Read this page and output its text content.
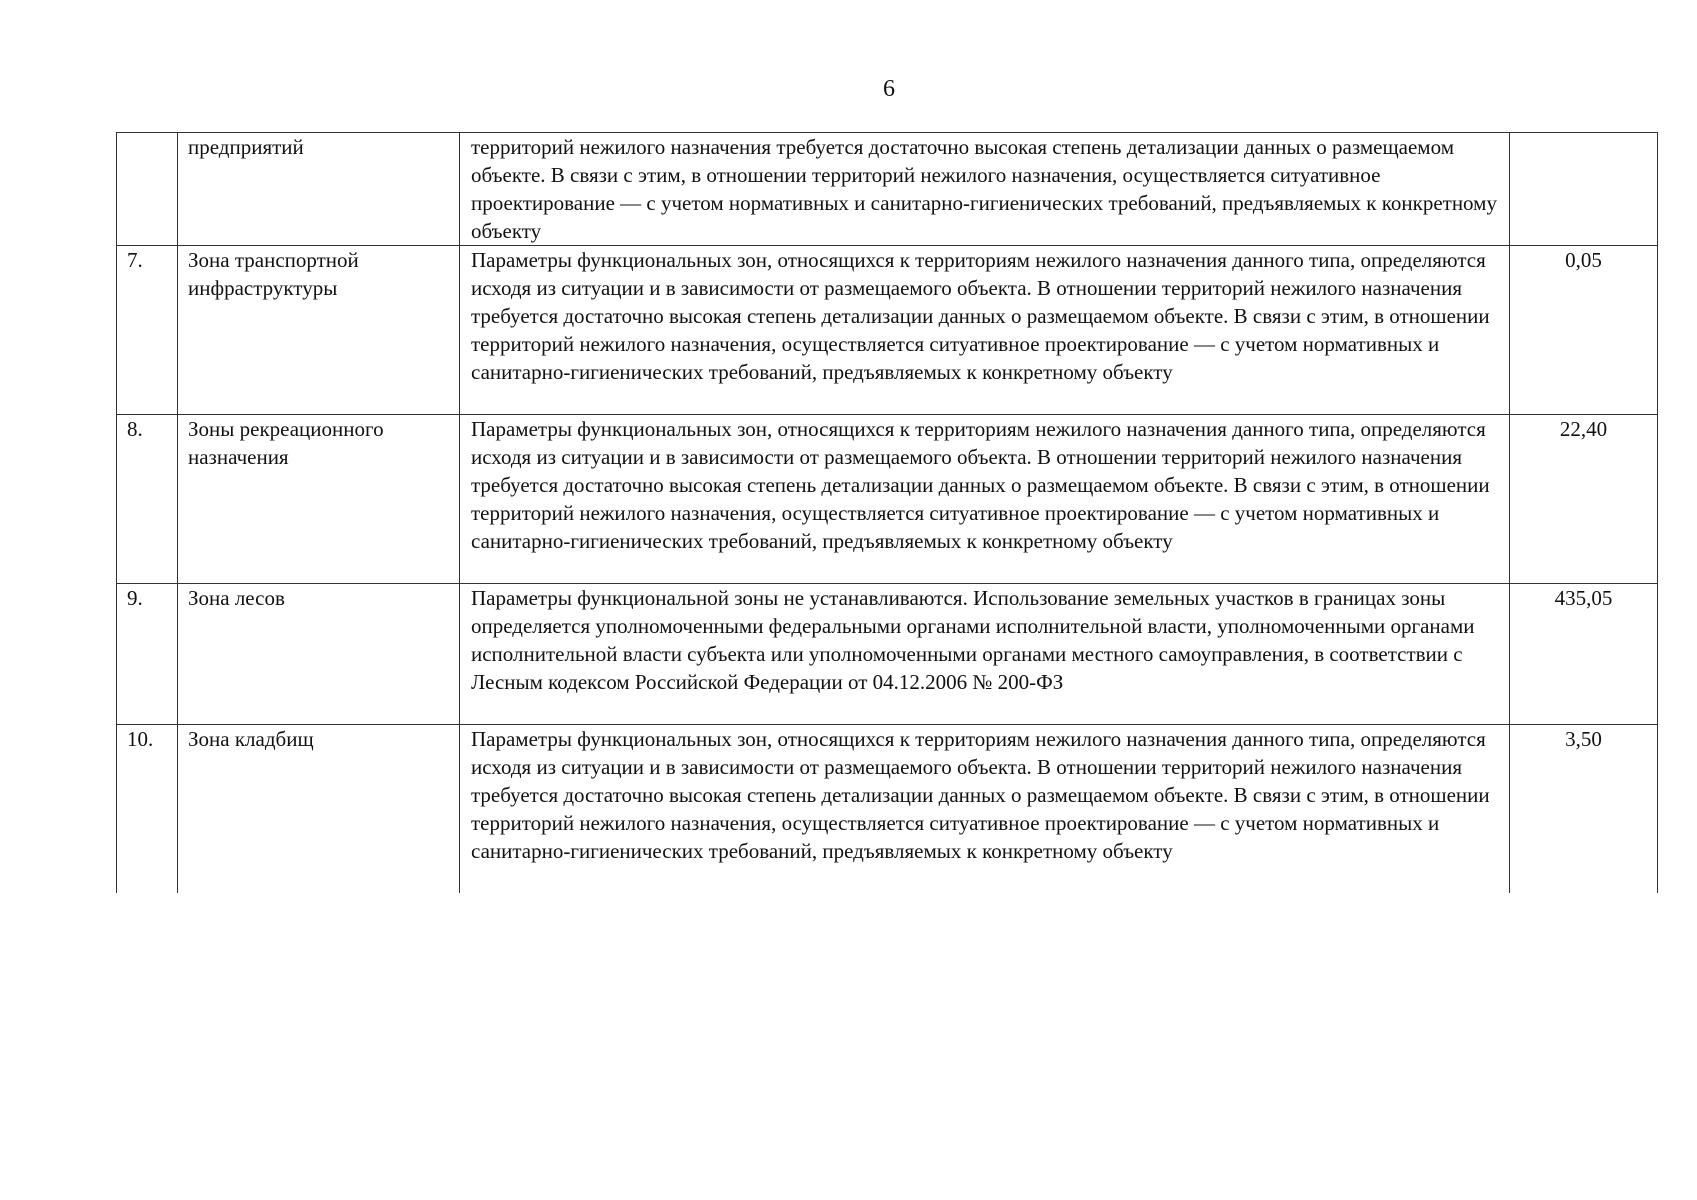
6
	предприятий	территорий нежилого назначения требуется достаточно высокая степень детализации данных о размещаемом объекте. В связи с этим, в отношении территорий нежилого назначения, осуществляется ситуативное проектирование — с учетом нормативных и санитарно-гигиенических требований, предъявляемых к конкретному объекту	
7.	Зона транспортной инфраструктуры	Параметры функциональных зон, относящихся к территориям нежилого назначения данного типа, определяются исходя из ситуации и в зависимости от размещаемого объекта. В отношении территорий нежилого назначения требуется достаточно высокая степень детализации данных о размещаемом объекте. В связи с этим, в отношении территорий нежилого назначения, осуществляется ситуативное проектирование — с учетом нормативных и санитарно-гигиенических требований, предъявляемых к конкретному объекту	0,05
8.	Зоны рекреационного назначения	Параметры функциональных зон, относящихся к территориям нежилого назначения данного типа, определяются исходя из ситуации и в зависимости от размещаемого объекта. В отношении территорий нежилого назначения требуется достаточно высокая степень детализации данных о размещаемом объекте. В связи с этим, в отношении территорий нежилого назначения, осуществляется ситуативное проектирование — с учетом нормативных и санитарно-гигиенических требований, предъявляемых к конкретному объекту	22,40
9.	Зона лесов	Параметры функциональной зоны не устанавливаются. Использование земельных участков в границах зоны определяется уполномоченными федеральными органами исполнительной власти, уполномоченными органами исполнительной власти субъекта или уполномоченными органами местного самоуправления, в соответствии с Лесным кодексом Российской Федерации от 04.12.2006 № 200-ФЗ	435,05
10.	Зона кладбищ	Параметры функциональных зон, относящихся к территориям нежилого назначения данного типа, определяются исходя из ситуации и в зависимости от размещаемого объекта. В отношении территорий нежилого назначения требуется достаточно высокая степень детализации данных о размещаемом объекте. В связи с этим, в отношении территорий нежилого назначения, осуществляется ситуативное проектирование — с учетом нормативных и санитарно-гигиенических требований, предъявляемых к конкретному объекту	3,50
